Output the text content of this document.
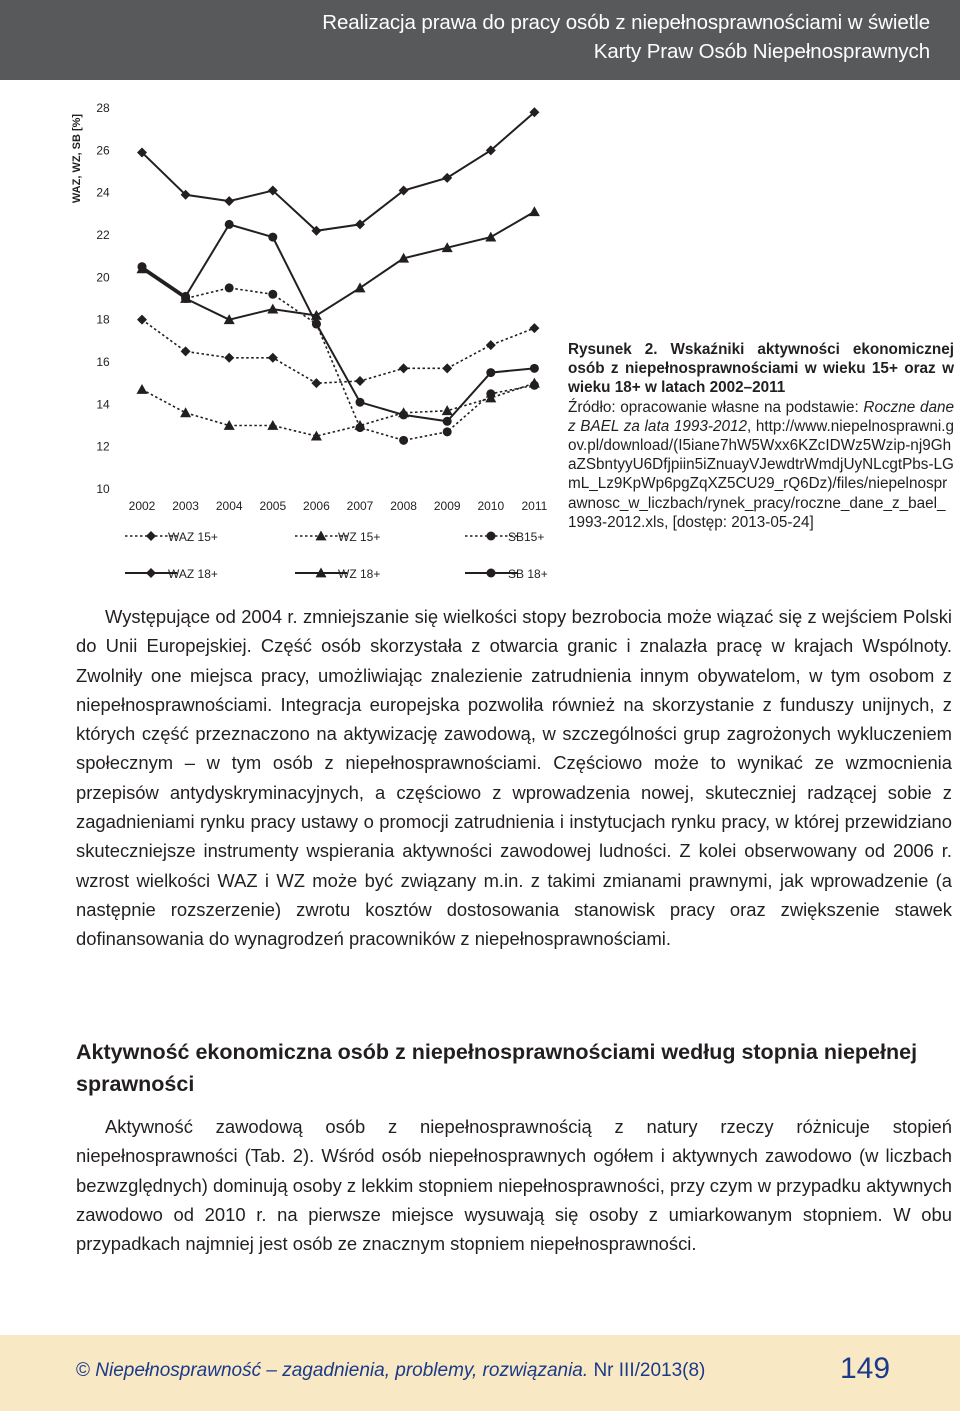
Realizacja prawa do pracy osób z niepełnosprawnościami w świetle
Karty Praw Osób Niepełnosprawnych
WAZ, WZ, SB [%]
10
12
14
16
18
20
22
24
26
28
2002 2003 2004 2005 2006 2007 2008 2009 2010 2011
WAZ 15+	WZ 15+	SB15+
WAZ 18+	WZ 18+	SB 18+
Rysunek 2. Wskaźniki aktywności ekonomicznej osób z niepełnosprawnościami w wieku 15+ oraz w wieku 18+ w latach 2002–2011
Źródło: opracowanie własne na podstawie: Roczne dane z BAEL za lata 1993-2012, http://www.niepelnosprawni.gov.pl/download/(I5iane7hW5Wxx6KZcIDWz5Wzip-nj9GhaZSbntyyU6Dfjpiin5iZnuayVJewdtrWmdjUyNLcgtPbs-LGmL_Lz9KpWp6pgZqXZ5CU29_rQ6Dz)/files/niepelnosprawnosc_w_liczbach/rynek_pracy/roczne_dane_z_bael_1993-2012.xls, [dostęp: 2013-05-24]
Występujące od 2004 r. zmniejszanie się wielkości stopy bezrobocia może wiązać się z wejściem Polski do Unii Europejskiej. Część osób skorzystała z otwarcia granic i znalazła pracę w krajach Wspólnoty. Zwolniły one miejsca pracy, umożliwiając znalezienie zatrudnienia innym obywatelom, w tym osobom z niepełnosprawnościami. Integracja europejska pozwoliła również na skorzystanie z funduszy unijnych, z których część przeznaczono na aktywizację zawodową, w szczególności grup zagrożonych wykluczeniem społecznym – w tym osób z niepełnosprawnościami. Częściowo może to wynikać ze wzmocnienia przepisów antydyskryminacyjnych, a częściowo z wprowadzenia nowej, skuteczniej radzącej sobie z zagadnieniami rynku pracy ustawy o promocji zatrudnienia i instytucjach rynku pracy, w której przewidziano skuteczniejsze instrumenty wspierania aktywności zawodowej ludności. Z kolei obserwowany od 2006 r. wzrost wielkości WAZ i WZ może być związany m.in. z takimi zmianami prawnymi, jak wprowadzenie (a następnie rozszerzenie) zwrotu kosztów dostosowania stanowisk pracy oraz zwiększenie stawek dofinansowania do wynagrodzeń pracowników z niepełnosprawnościami.
Aktywność ekonomiczna osób z niepełnosprawnościami według stopnia niepełnej sprawności
Aktywność zawodową osób z niepełnosprawnością z natury rzeczy różnicuje stopień niepełnosprawności (Tab. 2). Wśród osób niepełnosprawnych ogółem i aktywnych zawodowo (w liczbach bezwzględnych) dominują osoby z lekkim stopniem niepełnosprawności, przy czym w przypadku aktywnych zawodowo od 2010 r. na pierwsze miejsce wysuwają się osoby z umiarkowanym stopniem. W obu przypadkach najmniej jest osób ze znacznym stopniem niepełnosprawności.
© Niepełnosprawność – zagadnienia, problemy, rozwiązania. Nr III/2013(8)	149
